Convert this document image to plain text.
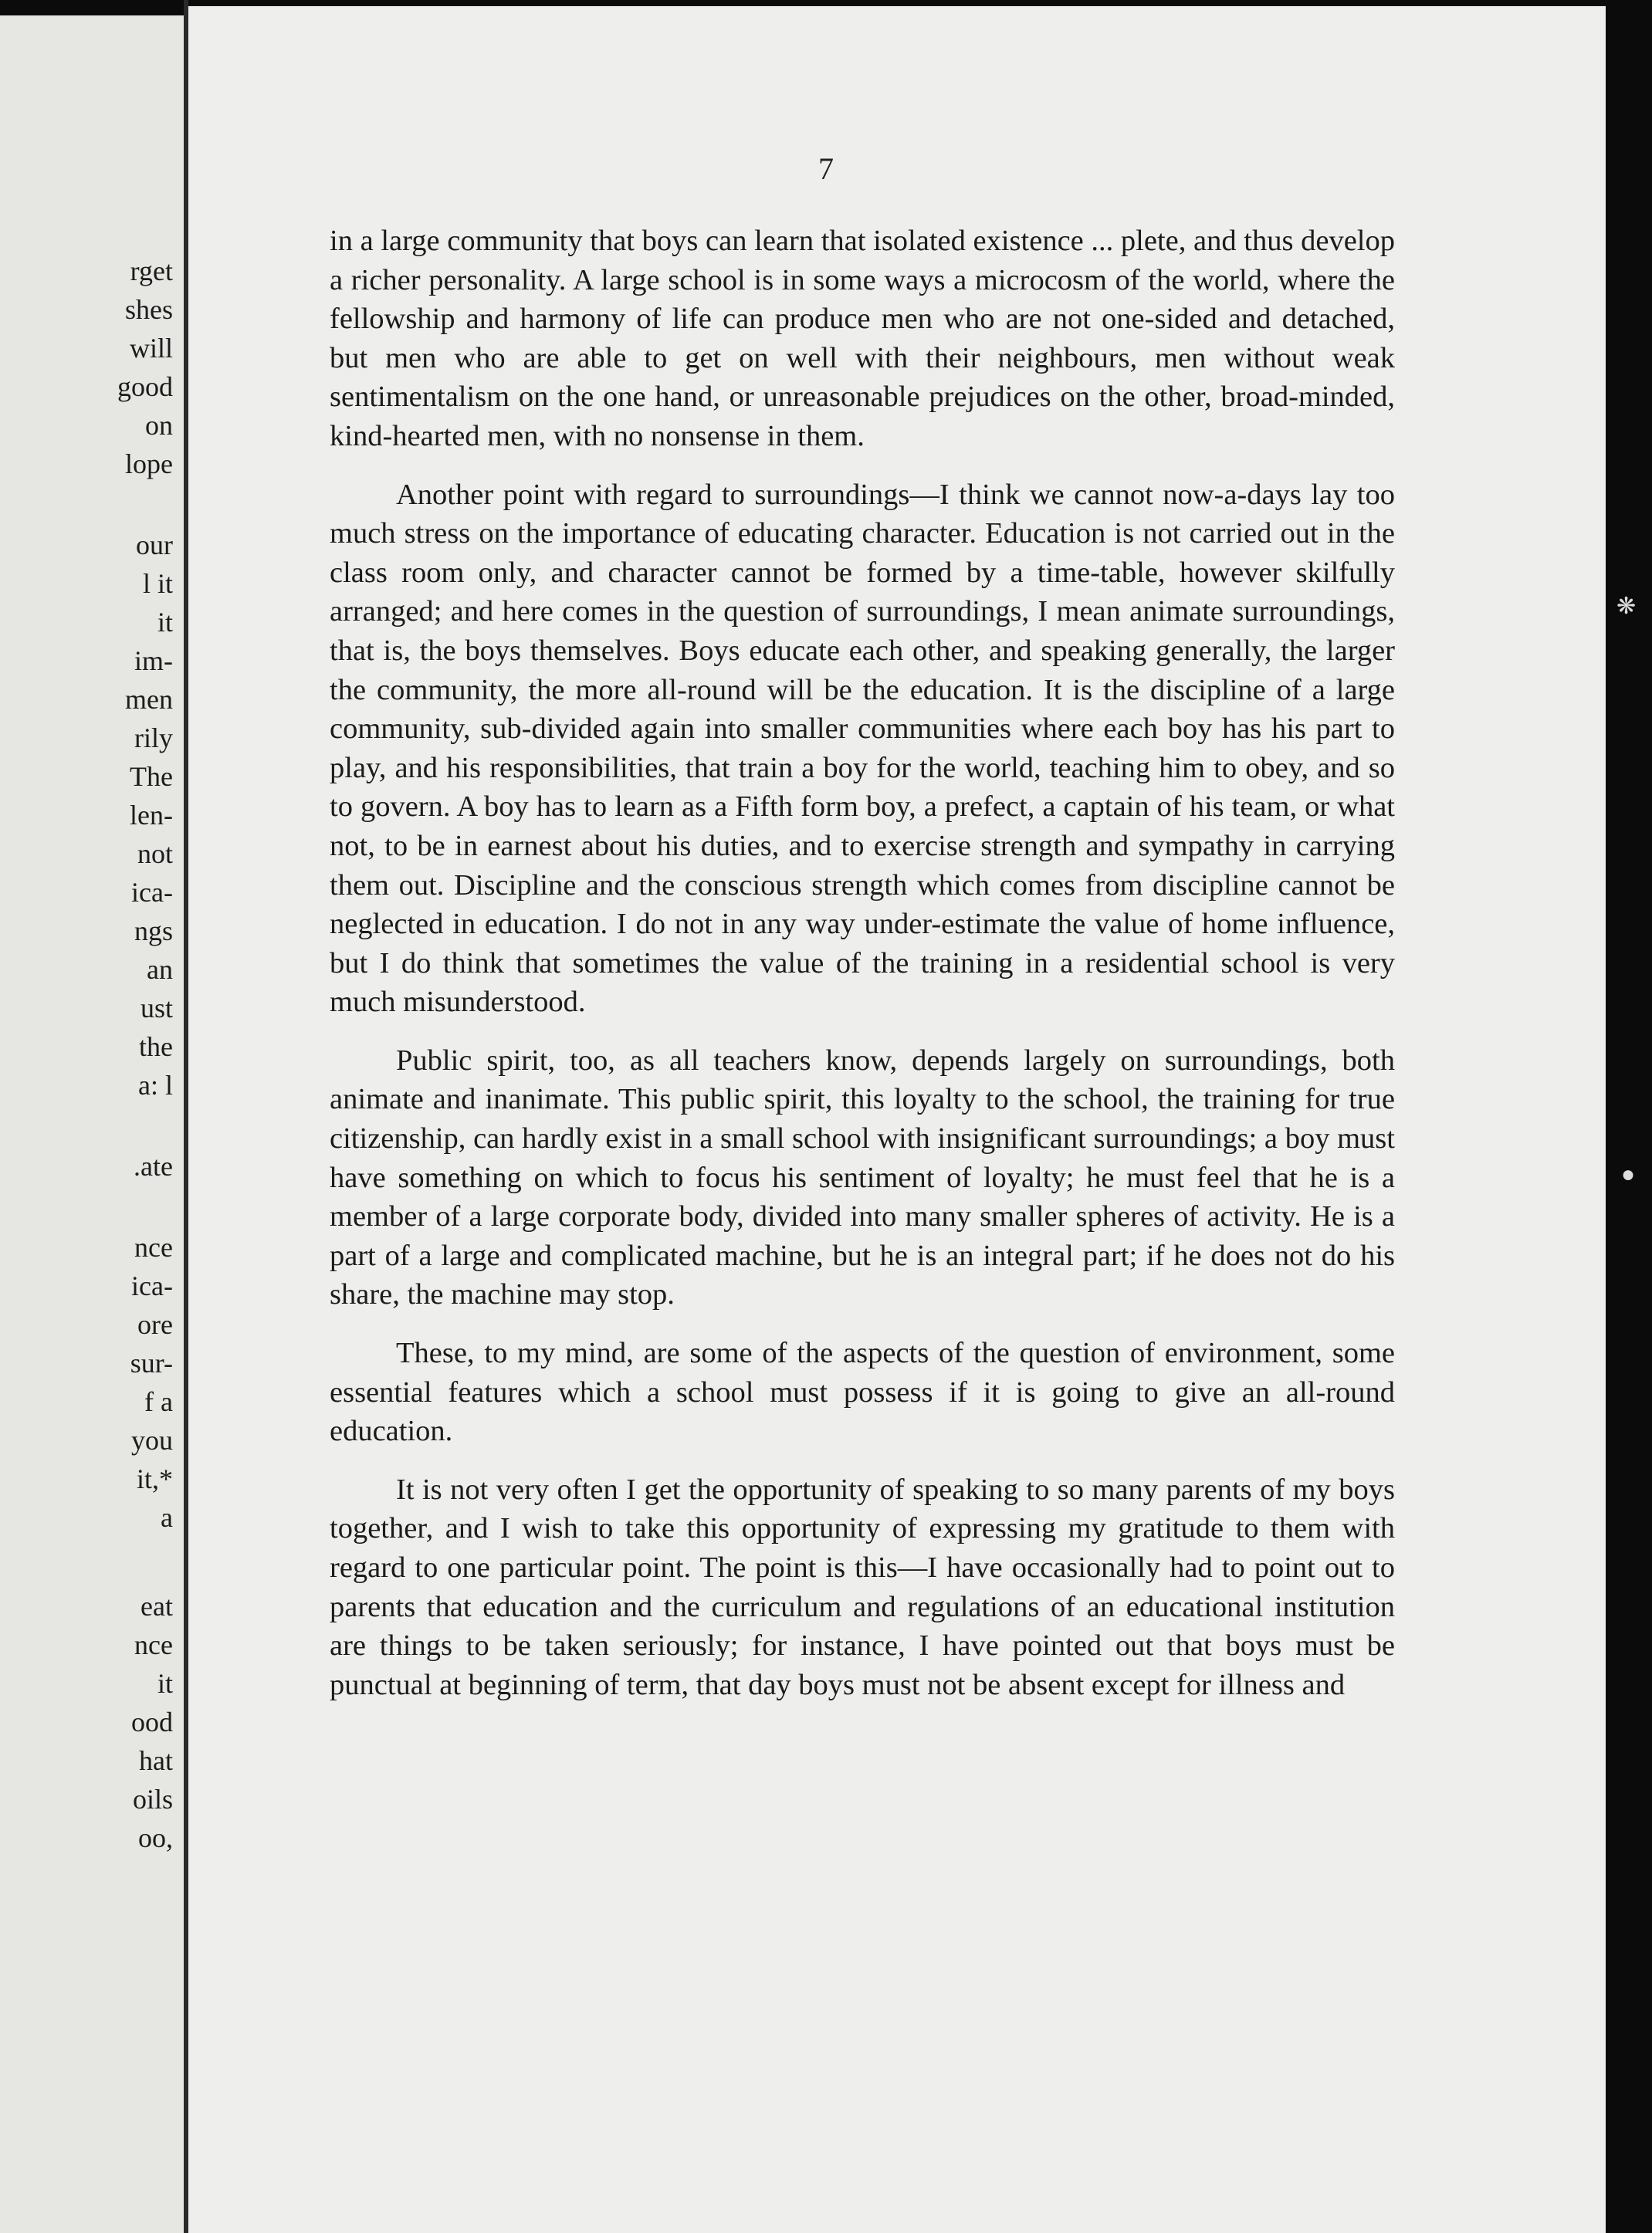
rget
shes
will
good
on
lope
our
l it
it
im-
men
rily
The
len-
not
ica-
ngs
an
ust
the
a: l
.ate
nce
ica-
ore
sur-
f a
you
it,*
a
eat
nce
it
ood
hat
oils
oo,
❋
●
7

in a large community that boys can learn that isolated existence ... plete, and thus develop a richer personality. A large school is in some ways a microcosm of the world, where the fellowship and harmony of life can produce men who are not one-sided and detached, but men who are able to get on well with their neighbours, men without weak sentimentalism on the one hand, or unreasonable prejudices on the other, broad-minded, kind-hearted men, with no nonsense in them.

Another point with regard to surroundings—I think we cannot now-a-days lay too much stress on the importance of educating character. Education is not carried out in the class room only, and character cannot be formed by a time-table, however skilfully arranged; and here comes in the question of surroundings, I mean animate surroundings, that is, the boys themselves. Boys educate each other, and speaking generally, the larger the community, the more all-round will be the education. It is the discipline of a large community, sub-divided again into smaller communities where each boy has his part to play, and his responsibilities, that train a boy for the world, teaching him to obey, and so to govern. A boy has to learn as a Fifth form boy, a prefect, a captain of his team, or what not, to be in earnest about his duties, and to exercise strength and sympathy in carrying them out. Discipline and the conscious strength which comes from discipline cannot be neglected in education. I do not in any way under-estimate the value of home influence, but I do think that sometimes the value of the training in a residential school is very much misunderstood.

Public spirit, too, as all teachers know, depends largely on surroundings, both animate and inanimate. This public spirit, this loyalty to the school, the training for true citizenship, can hardly exist in a small school with insignificant surroundings; a boy must have something on which to focus his sentiment of loyalty; he must feel that he is a member of a large corporate body, divided into many smaller spheres of activity. He is a part of a large and complicated machine, but he is an integral part; if he does not do his share, the machine may stop.

These, to my mind, are some of the aspects of the question of environment, some essential features which a school must possess if it is going to give an all-round education.

It is not very often I get the opportunity of speaking to so many parents of my boys together, and I wish to take this opportunity of expressing my gratitude to them with regard to one particular point. The point is this—I have occasionally had to point out to parents that education and the curriculum and regulations of an educational institution are things to be taken seriously; for instance, I have pointed out that boys must be punctual at beginning of term, that day boys must not be absent except for illness and
